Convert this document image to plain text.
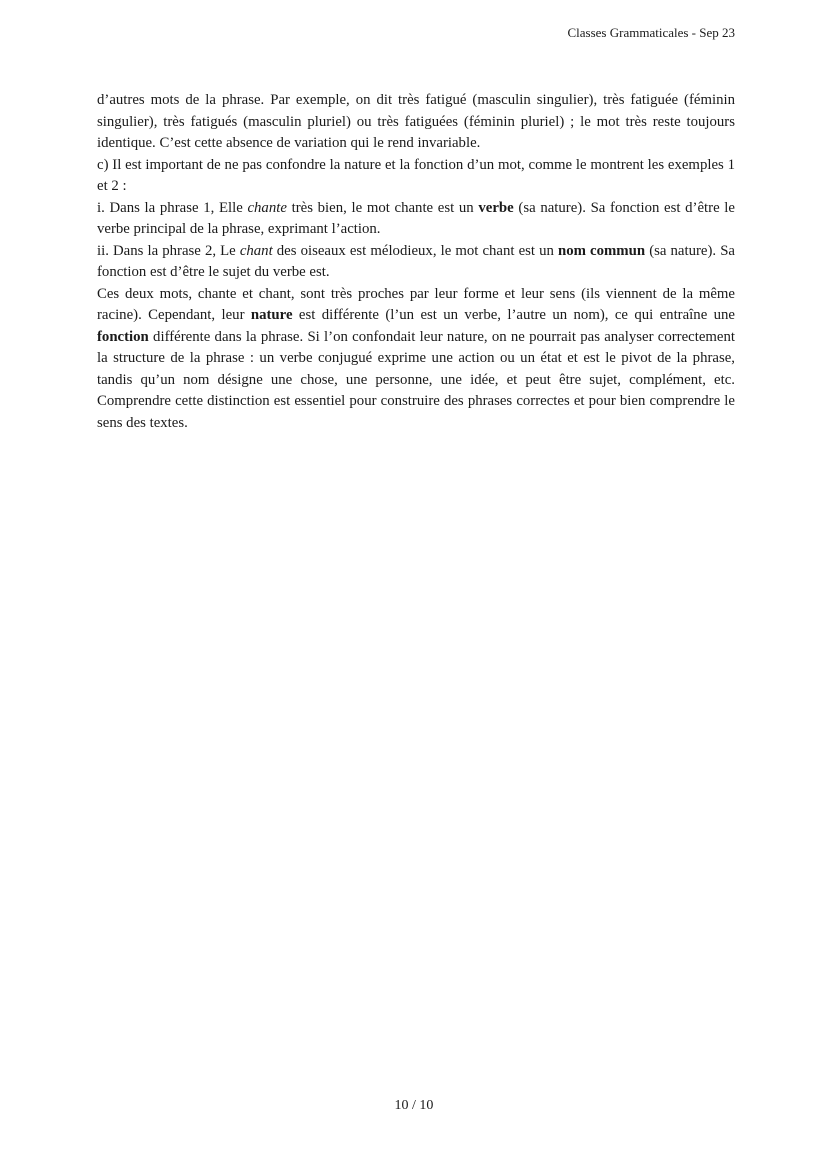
Classes Grammaticales - Sep 23

d’autres mots de la phrase. Par exemple, on dit très fatigué (masculin singulier), très fatiguée (féminin singulier), très fatigués (masculin pluriel) ou très fatiguées (féminin pluriel) ; le mot très reste toujours identique. C’est cette absence de variation qui le rend invariable.

c) Il est important de ne pas confondre la nature et la fonction d’un mot, comme le montrent les exemples 1 et 2 :

i. Dans la phrase 1, Elle chante très bien, le mot chante est un verbe (sa nature). Sa fonction est d’être le verbe principal de la phrase, exprimant l’action.

ii. Dans la phrase 2, Le chant des oiseaux est mélodieux, le mot chant est un nom commun (sa nature). Sa fonction est d’être le sujet du verbe est.

Ces deux mots, chante et chant, sont très proches par leur forme et leur sens (ils viennent de la même racine). Cependant, leur nature est différente (l’un est un verbe, l’autre un nom), ce qui entraîne une fonction différente dans la phrase. Si l’on confondait leur nature, on ne pourrait pas analyser correctement la structure de la phrase : un verbe conjugué exprime une action ou un état et est le pivot de la phrase, tandis qu’un nom désigne une chose, une personne, une idée, et peut être sujet, complément, etc. Comprendre cette distinction est essentiel pour construire des phrases correctes et pour bien comprendre le sens des textes.

10 / 10
